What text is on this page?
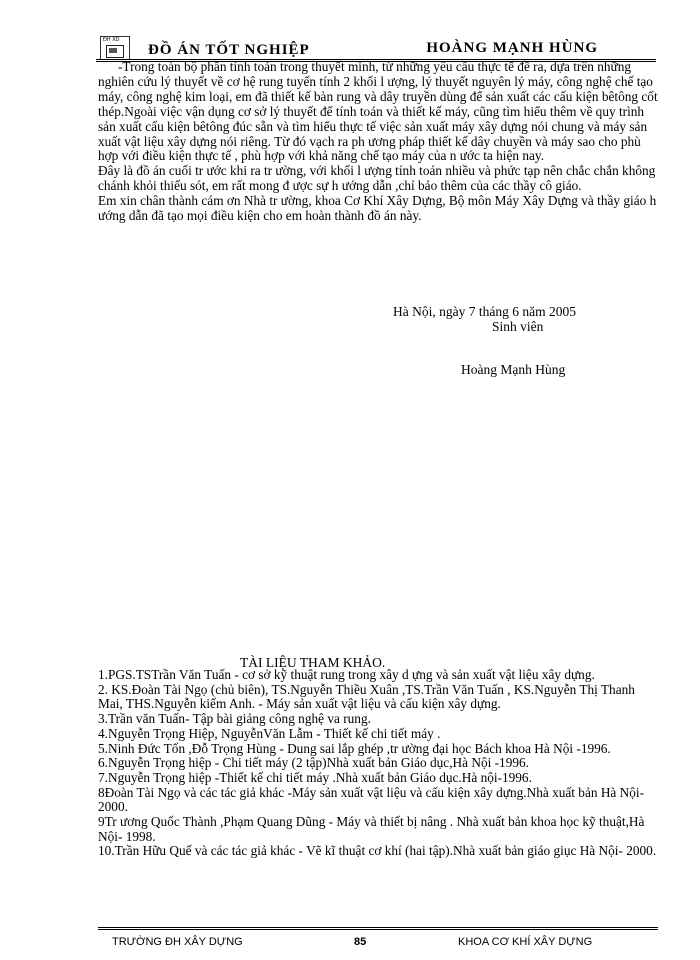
ĐH XD
ĐỒ ÁN TỐT NGHIỆP	HOÀNG MẠNH HÙNG

-Trong toàn bộ phần tính toán trong thuyết minh, từ những yêu cầu thực tế đề ra, dựa trên những nghiên cứu lý thuyết về cơ hệ rung tuyến tính 2 khối l ượng, lý thuyết nguyên lý máy, công nghệ chế tạo máy, công nghệ kim loại, em đã thiết kế bàn rung và dây truyền dùng để sản xuất các cấu kiện bêtông cốt thép.Ngoài việc vận dụng cơ sở lý thuyết để tính toán và thiết kế máy, cũng tìm hiểu thêm về quy trình sản xuất cấu kiện bêtông đúc sẵn và tìm hiểu thực tế việc sản xuất máy xây dựng nói chung và máy sản xuất vật liệu xây dựng nói riêng. Từ đó vạch ra ph ương pháp thiết kế dây chuyền và máy sao cho phù hợp với điều kiện thực tế , phù hợp với khả năng chế tạo máy của n ước ta hiện nay.

Đây là đồ án cuối tr ước khi ra tr ường, với khối l ượng tính toán nhiều và phức tạp nên chắc chắn không chánh khỏi thiếu sót, em rất mong đ ược sự h ướng dẫn ,chỉ bảo thêm của các thầy cô giáo.

Em xin chân thành cám ơn Nhà tr ường, khoa Cơ Khí Xây Dựng, Bộ môn Máy Xây Dựng và thầy giáo h ướng dẫn đã tạo mọi điều kiện cho em hoàn thành đồ án này.

Hà Nội, ngày 7 tháng 6 năm 2005
Sinh viên
Hoàng Mạnh Hùng
TÀI LIỆU THAM KHẢO.
1.PGS.TSTrần Văn Tuấn - cơ sở kỹ thuật rung trong xây d ựng và sản xuất vật liệu xây dựng.
2. KS.Đoàn Tài Ngọ (chủ biên), TS.Nguyễn Thiều Xuân ,TS.Trần Văn Tuấn , KS.Nguyễn Thị Thanh Mai, THS.Nguyễn kiếm Anh. - Máy sản xuất vật liệu và cấu kiện xây dựng.
3.Trần văn Tuấn- Tập bài giảng công nghệ va rung.
4.Nguyễn Trọng Hiệp, NguyễnVăn Lẫm - Thiết kế chi tiết máy .
5.Ninh Đức Tốn ,Đỗ Trọng Hùng - Dung sai lắp ghép ,tr ường đại học Bách khoa Hà Nội -1996.
6.Nguyễn Trọng hiệp - Chi tiết máy (2 tập)Nhà xuất bản Giáo dục,Hà Nội -1996.
7.Nguyễn Trọng hiệp -Thiết kế chi tiết máy .Nhà xuất bản Giáo dục.Hà nội-1996.
8Đoàn Tài Ngọ và các tác giả khác -Máy sản xuất vật liệu và cấu kiện xây dựng.Nhà xuất bản Hà Nội- 2000.
9Tr ương Quốc Thành ,Phạm Quang Dũng - Máy và thiết bị nâng . Nhà xuất bản khoa học kỹ thuật,Hà Nội- 1998.
10.Trần Hữu Quế và các tác giả khác - Vẽ kĩ thuật cơ khí (hai tập).Nhà xuất bản giáo giục Hà Nội- 2000.
TRƯỜNG ĐH XÂY DỰNG	85	KHOA CƠ KHÍ XÂY DỰNG
